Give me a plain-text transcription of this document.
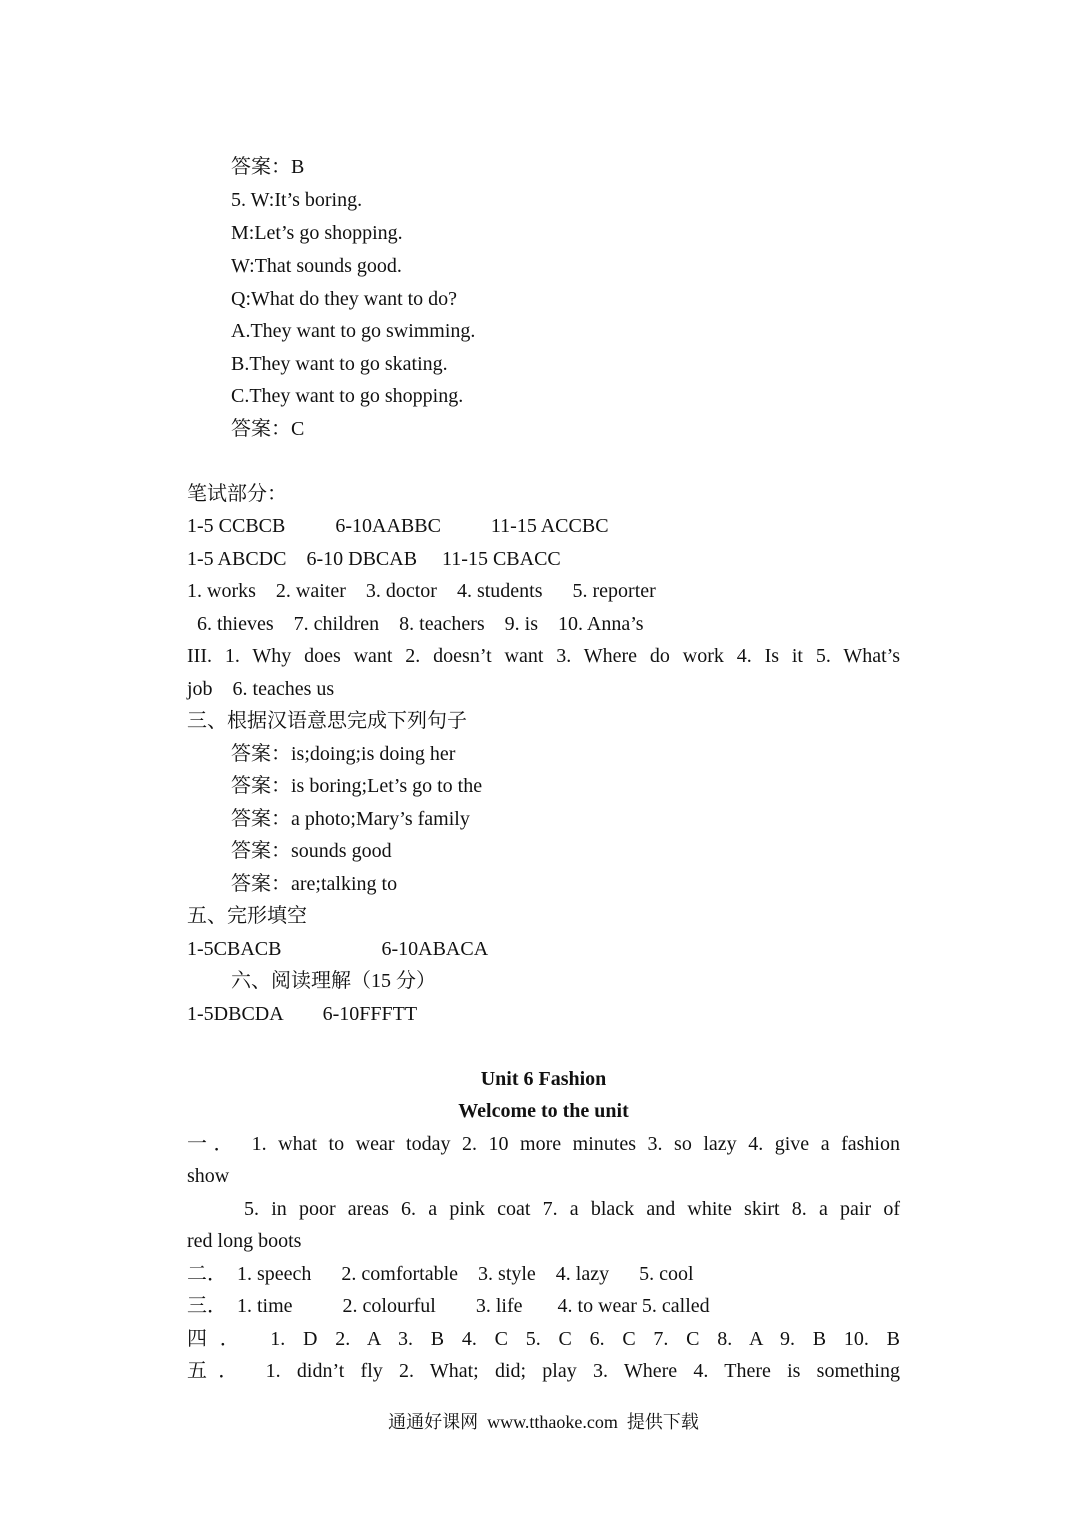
答案：B
5. W:It’s boring.
M:Let’s go shopping.
W:That sounds good.
Q:What do they want to do?
A.They want to go swimming.
B.They want to go skating.
C.They want to go shopping.
答案：C
笔试部分：
1-5 CCBCB          6-10AABBC          11-15 ACCBC
1-5 ABCDC    6-10 DBCAB     11-15 CBACC
1. works    2. waiter    3. doctor    4. students      5. reporter
6. thieves    7. children    8. teachers    9. is    10. Anna’s
III. 1. Why does want 2. doesn’t want 3. Where do work 4. Is it 5. What’s
job    6. teaches us
三、根据汉语意思完成下列句子
答案：is;doing;is doing her
答案：is boring;Let’s go to the
答案：a photo;Mary’s family
答案：sounds good
答案：are;talking to
五、完形填空
1-5CBACB                    6-10ABACA
六、阅读理解（15 分）
1-5DBCDA        6-10FFFTT
Unit 6 Fashion
Welcome to the unit
一． 1. what to wear today 2. 10 more minutes 3. so lazy 4. give a fashion
show
5. in poor areas 6. a pink coat 7. a black and white skirt 8. a pair of
red long boots
二．  1. speech      2. comfortable    3. style    4. lazy      5. cool
三．  1. time          2. colourful        3. life       4. to wear 5. called
四． 1. D 2. A 3. B 4. C 5. C 6. C 7. C 8. A 9. B 10. B
五． 1. didn’t fly 2. What; did; play 3. Where 4. There is something
通通好课网  www.tthaoke.com  提供下载
